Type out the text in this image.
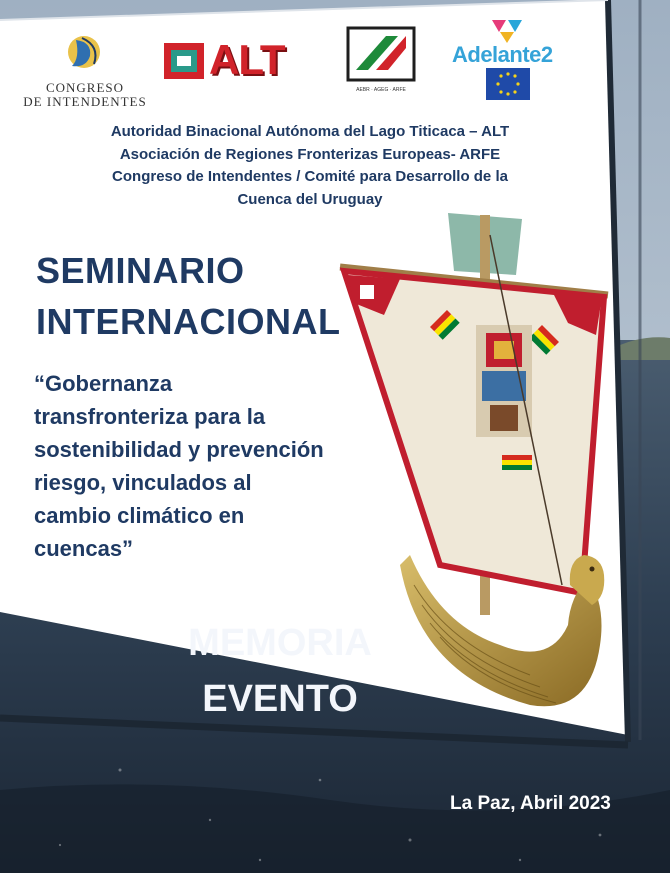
CONGRESO
DE INTENDENTES
ALT
AEBR · AGEG · ARFE
Adelante2
Autoridad Binacional Autónoma del Lago Titicaca – ALT
Asociación de Regiones Fronterizas Europeas- ARFE
Congreso de Intendentes / Comité para Desarrollo de la
Cuenca del Uruguay
SEMINARIO
INTERNACIONAL
“Gobernanza
transfronteriza para la
sostenibilidad y prevención
riesgo, vinculados al
cambio climático en
cuencas”
MEMORIA
EVENTO
La Paz, Abril 2023
